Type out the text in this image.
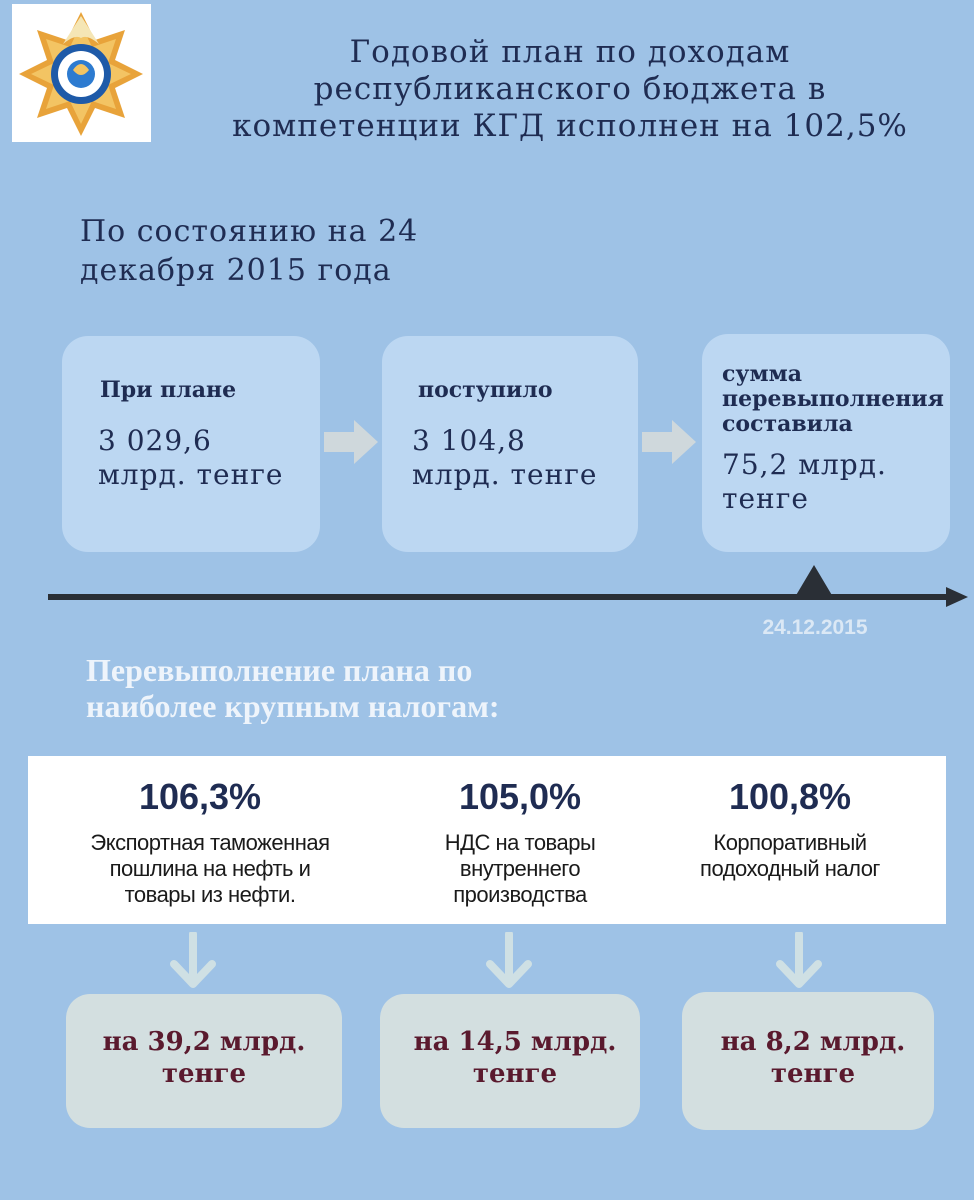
Годовой план по доходам
республиканского бюджета в
компетенции КГД исполнен на 102,5%
По состоянию на 24
декабря 2015 года
При плане
3 029,6
млрд. тенге
поступило
3 104,8
млрд. тенге
сумма
перевыполнения
составила
75,2 млрд.
тенге
24.12.2015
Перевыполнение плана по
наиболее крупным налогам:
106,3%
Экспортная таможенная
пошлина на нефть и
товары из нефти.
105,0%
НДС на товары
внутреннего
производства
100,8%
Корпоративный
подоходный налог
на 39,2 млрд.
тенге
на 14,5 млрд.
тенге
на 8,2 млрд.
тенге
